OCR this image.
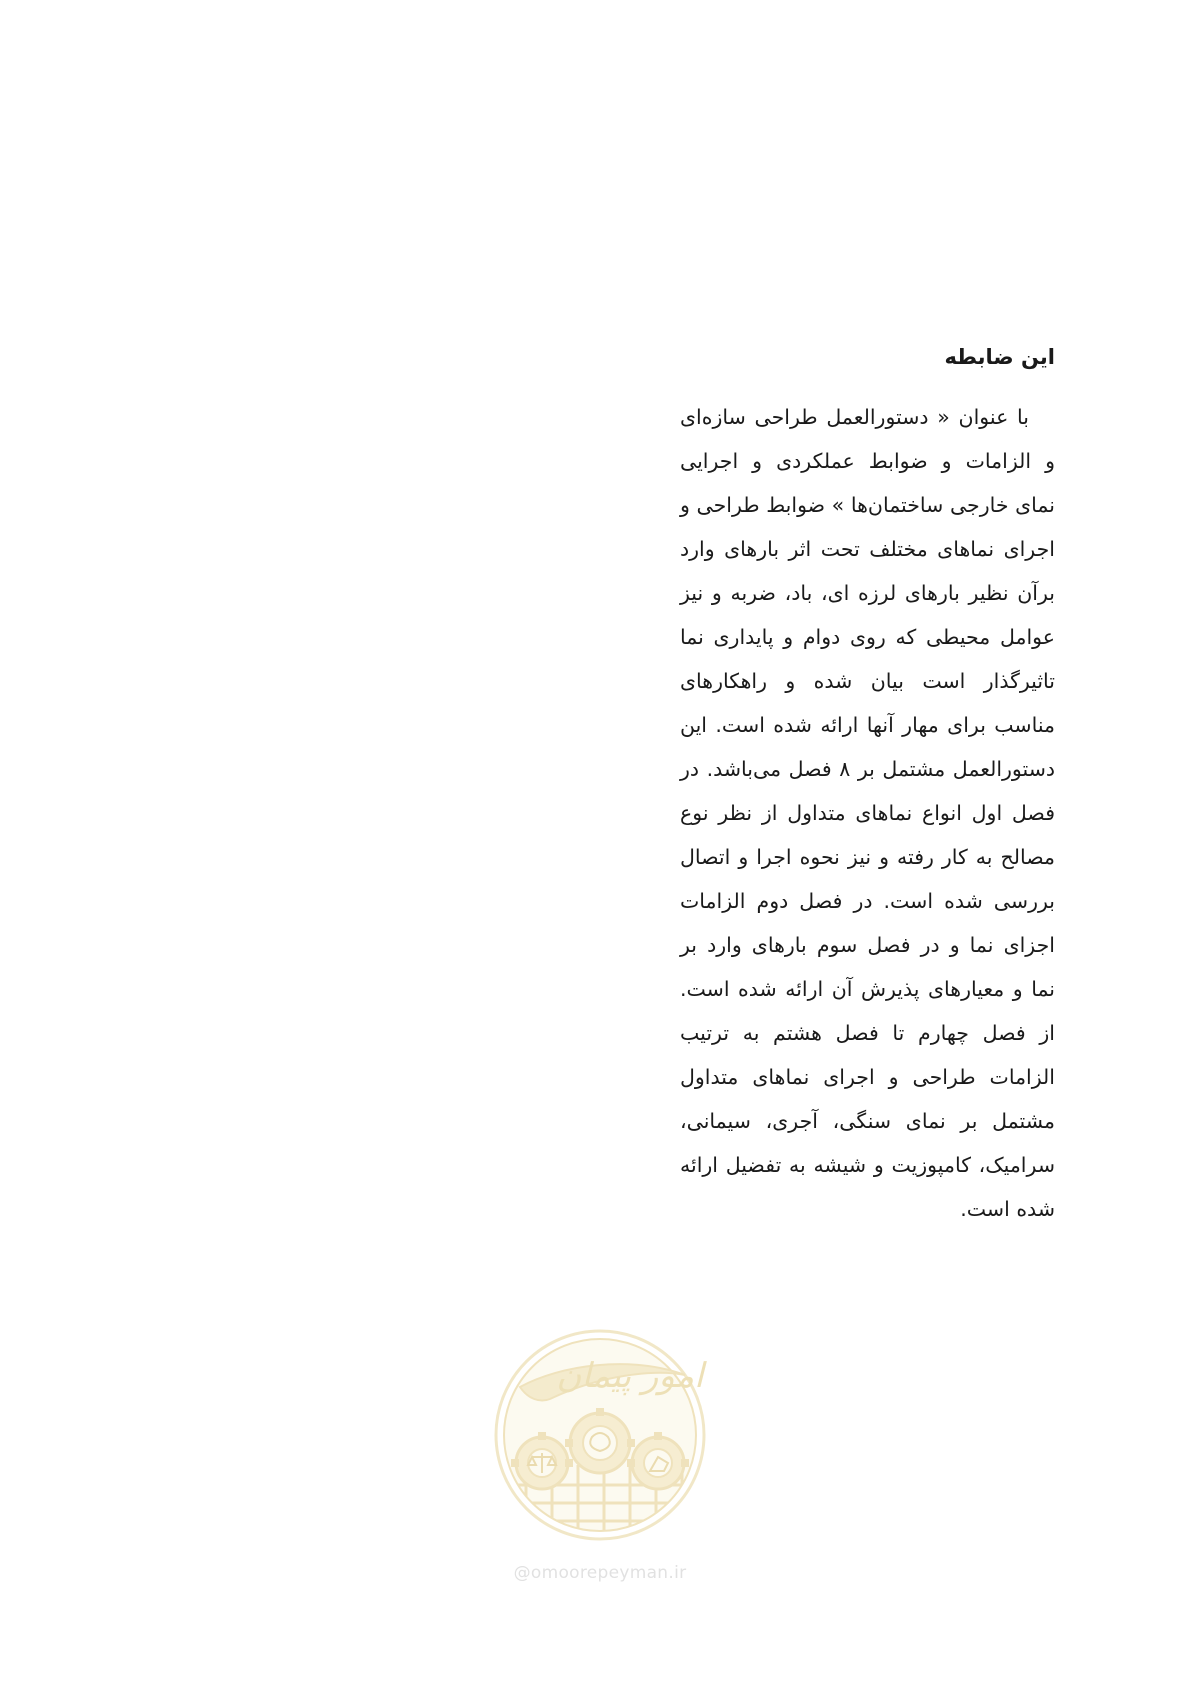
این ضابطه

با عنوان « دستورالعمل طراحی سازه‌ای و الزامات و ضوابط عملکردی و اجرایی نمای خارجی ساختمان‌ها » ضوابط طراحی و اجرای نماهای مختلف تحت اثر بارهای وارد برآن نظیر بارهای لرزه ای، باد، ضربه و نیز عوامل محیطی که روی دوام و پایداری نما تاثیرگذار است بیان شده و راهکارهای مناسب برای مهار آنها ارائه شده است. این دستورالعمل مشتمل بر ۸ فصل می‌باشد. در فصل اول انواع نماهای متداول از نظر نوع مصالح به کار رفته و نیز نحوه اجرا و اتصال بررسی شده است. در فصل دوم الزامات اجزای نما و در فصل سوم بارهای وارد بر نما و معیارهای پذیرش آن ارائه شده است. از فصل چهارم تا فصل هشتم به ترتیب الزامات طراحی و اجرای نماهای متداول مشتمل بر نمای سنگی، آجری، سیمانی، سرامیک، کامپوزیت و شیشه به تفضیل ارائه شده است.

امور پیمان
@omoorepeyman.ir
